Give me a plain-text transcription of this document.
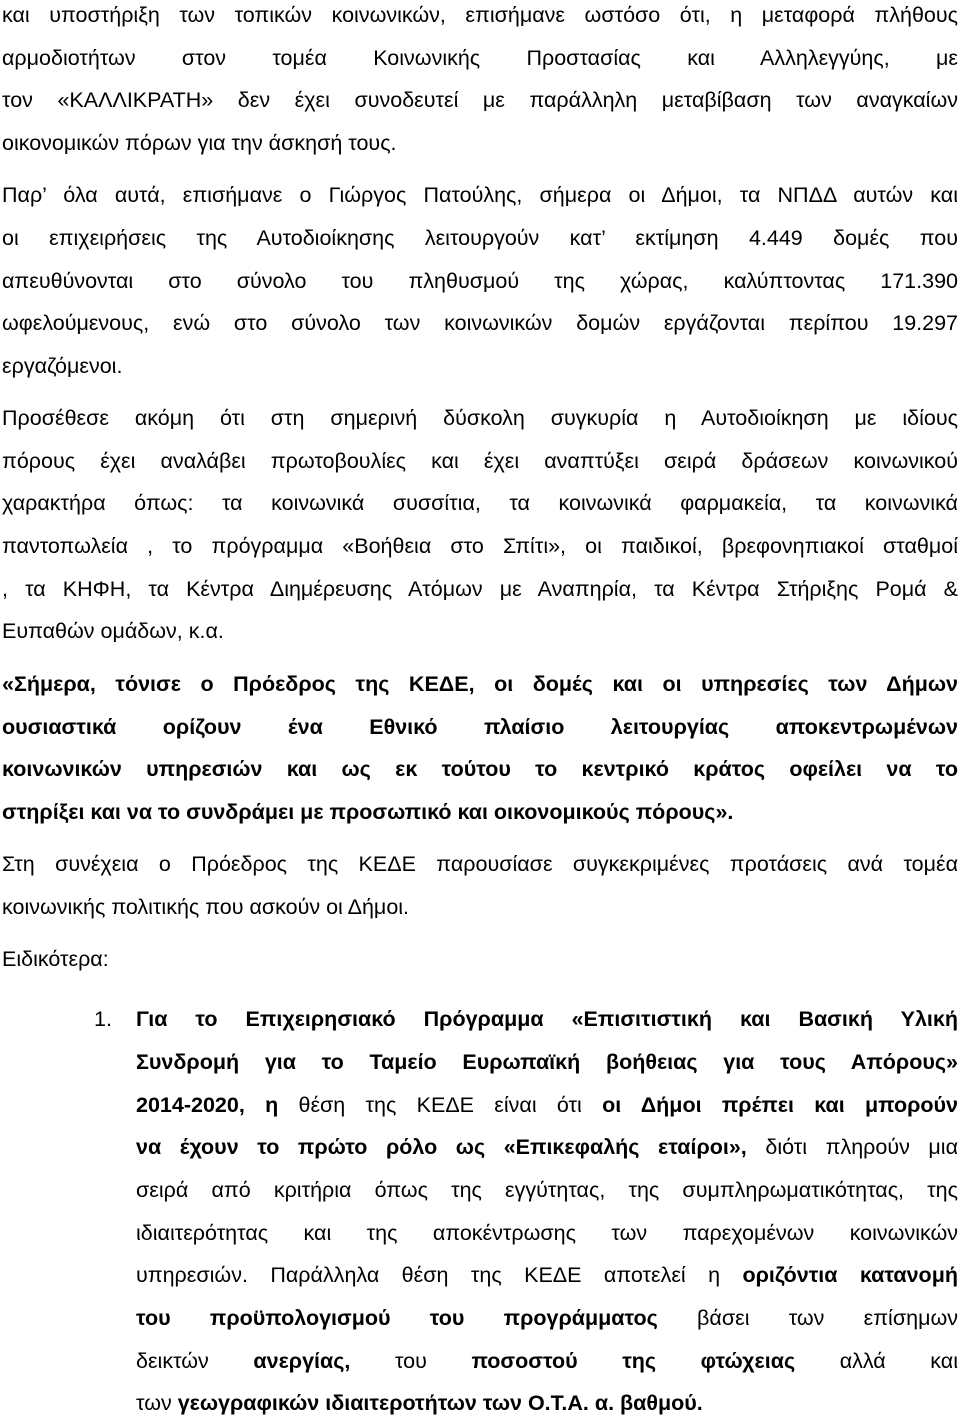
και υποστήριξη των τοπικών κοινωνικών, επισήμανε ωστόσο ότι, η μεταφορά πλήθους
αρμοδιοτήτων στον τομέα Κοινωνικής Προστασίας και Αλληλεγγύης, με
τον «ΚΑΛΛΙΚΡΑΤΗ» δεν έχει συνοδευτεί με παράλληλη μεταβίβαση των αναγκαίων
οικονομικών πόρων για την άσκησή τους.
Παρ’ όλα αυτά, επισήμανε ο Γιώργος Πατούλης, σήμερα οι Δήμοι, τα ΝΠΔΔ αυτών και
οι επιχειρήσεις της Αυτοδιοίκησης λειτουργούν κατ’ εκτίμηση 4.449 δομές που
απευθύνονται στο σύνολο του πληθυσμού της χώρας, καλύπτοντας 171.390
ωφελούμενους, ενώ στο σύνολο των κοινωνικών δομών εργάζονται περίπου 19.297
εργαζόμενοι.
Προσέθεσε ακόμη ότι στη σημερινή δύσκολη συγκυρία η Αυτοδιοίκηση με ιδίους
πόρους έχει αναλάβει πρωτοβουλίες και έχει αναπτύξει σειρά δράσεων κοινωνικού
χαρακτήρα όπως: τα κοινωνικά συσσίτια, τα κοινωνικά φαρμακεία, τα κοινωνικά
παντοπωλεία , το πρόγραμμα «Βοήθεια στο Σπίτι», οι παιδικοί, βρεφονηπιακοί σταθμοί
, τα ΚΗΦΗ, τα Κέντρα Διημέρευσης Ατόμων με Αναπηρία, τα Κέντρα Στήριξης Ρομά &
Ευπαθών ομάδων, κ.α.
«Σήμερα, τόνισε ο Πρόεδρος της ΚΕΔΕ, οι δομές και οι υπηρεσίες των Δήμων
ουσιαστικά ορίζουν ένα Εθνικό πλαίσιο λειτουργίας αποκεντρωμένων
κοινωνικών υπηρεσιών και ως εκ τούτου το κεντρικό κράτος οφείλει να το
στηρίξει και να το συνδράμει με προσωπικό και οικονομικούς πόρους».
Στη συνέχεια ο Πρόεδρος της ΚΕΔΕ παρουσίασε συγκεκριμένες προτάσεις ανά τομέα
κοινωνικής πολιτικής που ασκούν οι Δήμοι.
Ειδικότερα:
1. Για το Επιχειρησιακό Πρόγραμμα «Επισιτιστική και Βασική Υλική
Συνδρομή για το Ταμείο Ευρωπαϊκή βοήθειας για τους Απόρους»
2014-2020, η θέση της ΚΕΔΕ είναι ότι οι Δήμοι πρέπει και μπορούν
να έχουν το πρώτο ρόλο ως «Επικεφαλής εταίροι», διότι πληρούν μια
σειρά από κριτήρια όπως της εγγύτητας, της συμπληρωματικότητας, της
ιδιαιτερότητας και της αποκέντρωσης των παρεχομένων κοινωνικών
υπηρεσιών. Παράλληλα θέση της ΚΕΔΕ αποτελεί η οριζόντια κατανομή
του προϋπολογισμού του προγράμματος βάσει των επίσημων
δεικτών ανεργίας, του ποσοστού της φτώχειας αλλά και
των γεωγραφικών ιδιαιτεροτήτων των Ο.Τ.Α. α. βαθμού.
